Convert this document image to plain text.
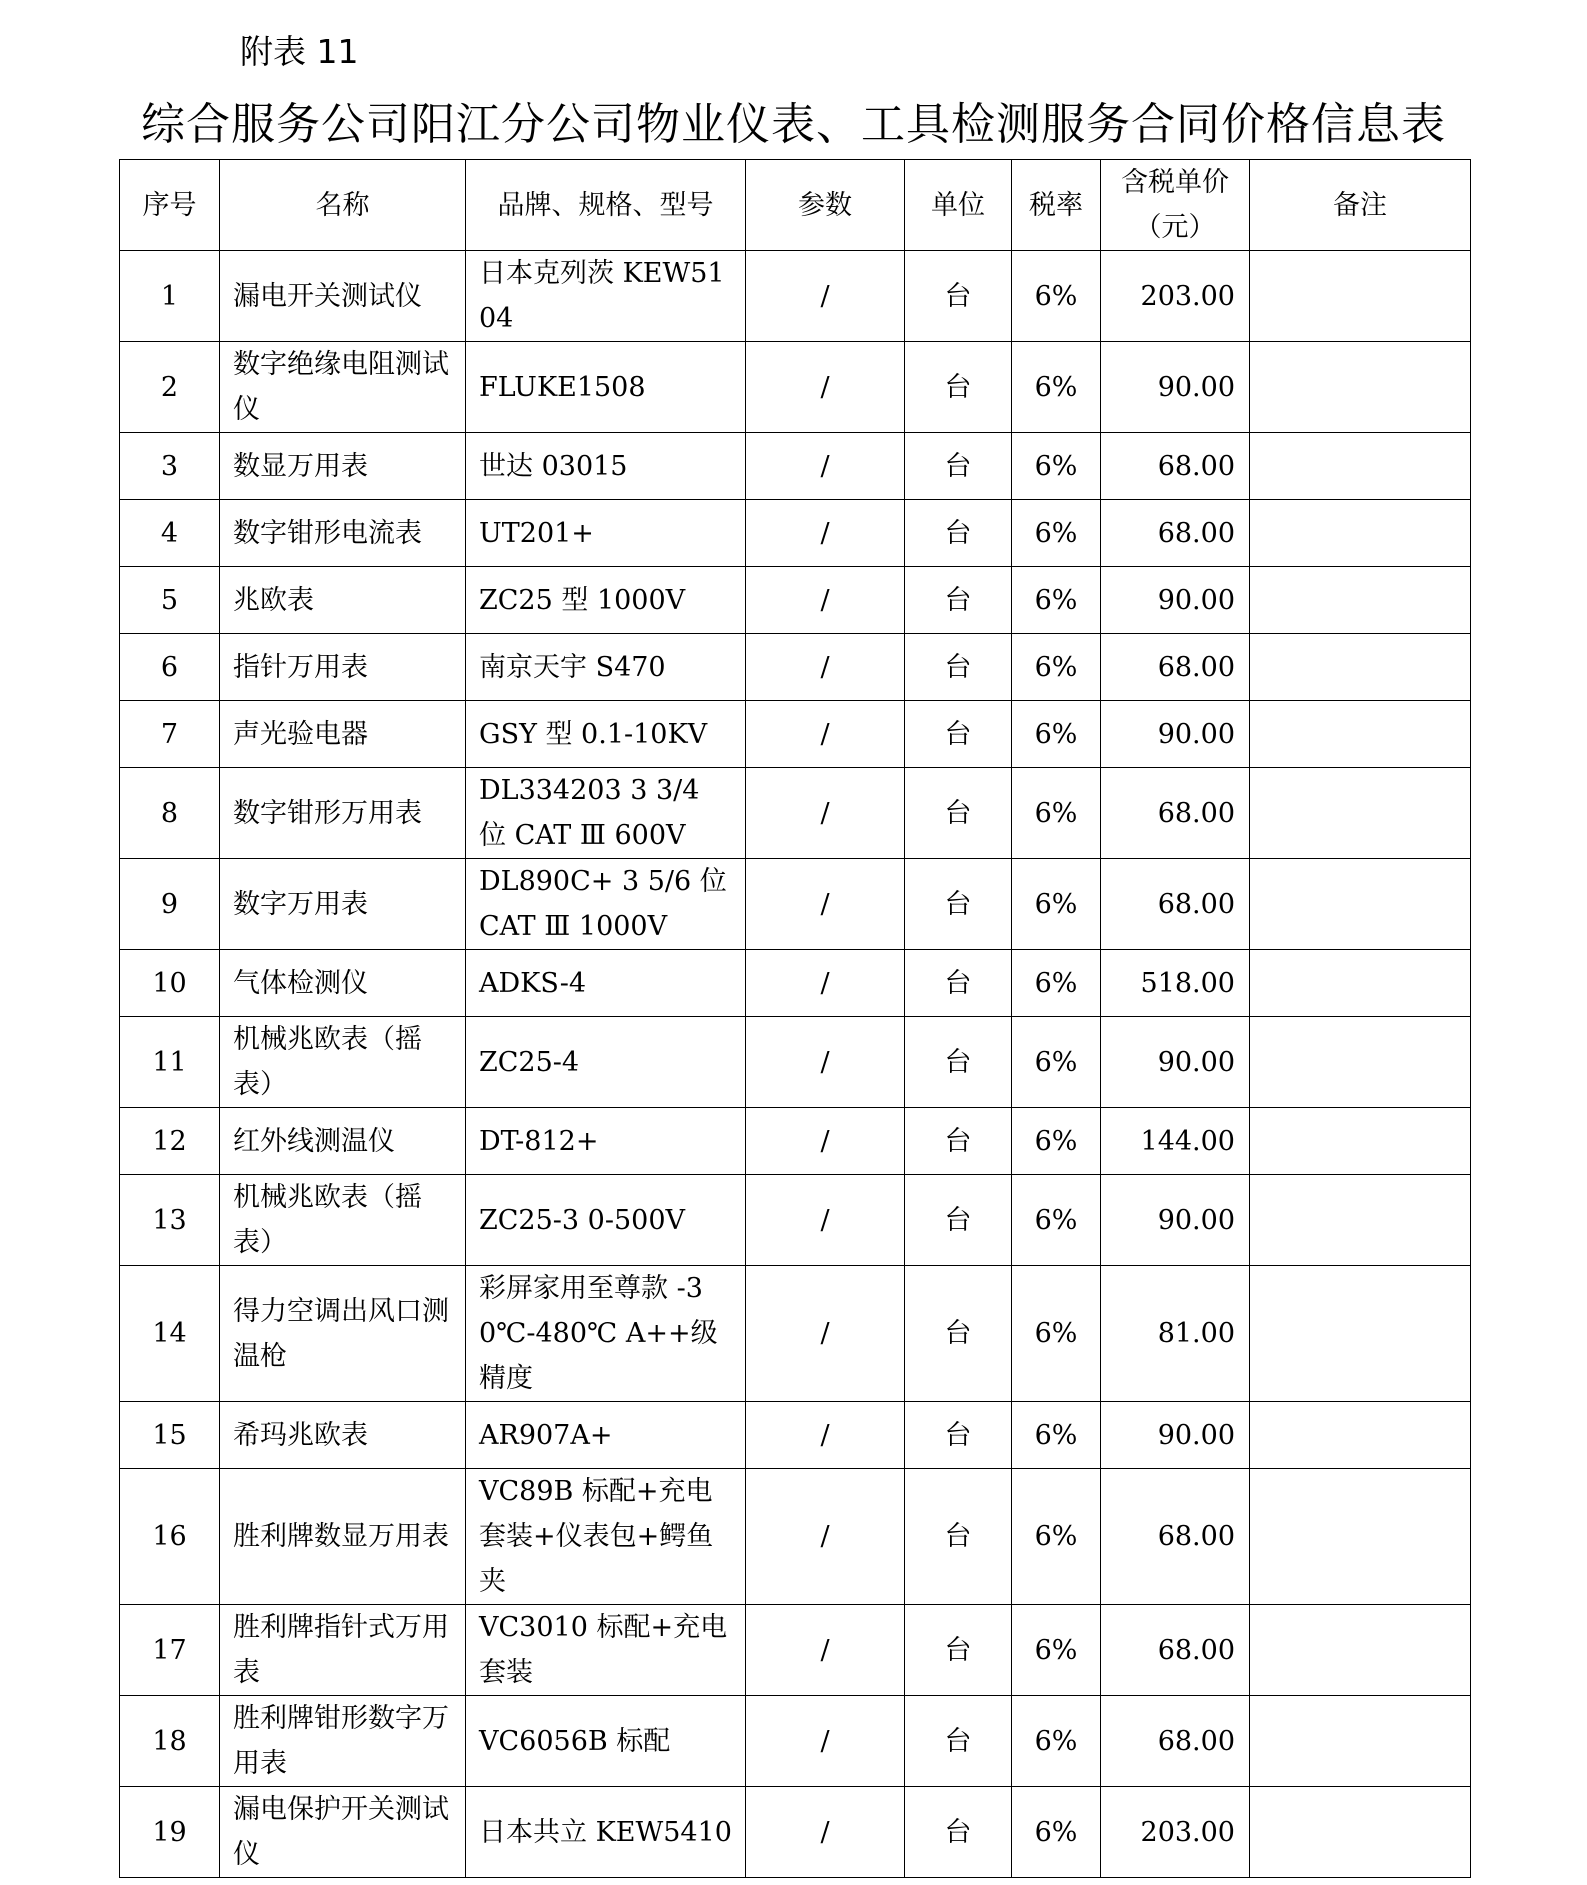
附表 11
综合服务公司阳江分公司物业仪表、工具检测服务合同价格信息表
序号	名称	品牌、规格、型号	参数	单位	税率	含税单价（元）	备注
1	漏电开关测试仪	日本克列茨 KEW5104	/	台	6%	203.00	
2	数字绝缘电阻测试仪	FLUKE1508	/	台	6%	90.00	
3	数显万用表	世达 03015	/	台	6%	68.00	
4	数字钳形电流表	UT201+	/	台	6%	68.00	
5	兆欧表	ZC25 型 1000V	/	台	6%	90.00	
6	指针万用表	南京天宇 S470	/	台	6%	68.00	
7	声光验电器	GSY 型 0.1-10KV	/	台	6%	90.00	
8	数字钳形万用表	DL334203 3 3/4 位 CAT Ⅲ 600V	/	台	6%	68.00	
9	数字万用表	DL890C+ 3 5/6 位 CAT Ⅲ 1000V	/	台	6%	68.00	
10	气体检测仪	ADKS-4	/	台	6%	518.00	
11	机械兆欧表（摇表）	ZC25-4	/	台	6%	90.00	
12	红外线测温仪	DT-812+	/	台	6%	144.00	
13	机械兆欧表（摇表）	ZC25-3 0-500V	/	台	6%	90.00	
14	得力空调出风口测温枪	彩屏家用至尊款 -30℃-480℃ A++级精度	/	台	6%	81.00	
15	希玛兆欧表	AR907A+	/	台	6%	90.00	
16	胜利牌数显万用表	VC89B 标配+充电套装+仪表包+鳄鱼夹	/	台	6%	68.00	
17	胜利牌指针式万用表	VC3010 标配+充电套装	/	台	6%	68.00	
18	胜利牌钳形数字万用表	VC6056B 标配	/	台	6%	68.00	
19	漏电保护开关测试仪	日本共立 KEW5410	/	台	6%	203.00	
